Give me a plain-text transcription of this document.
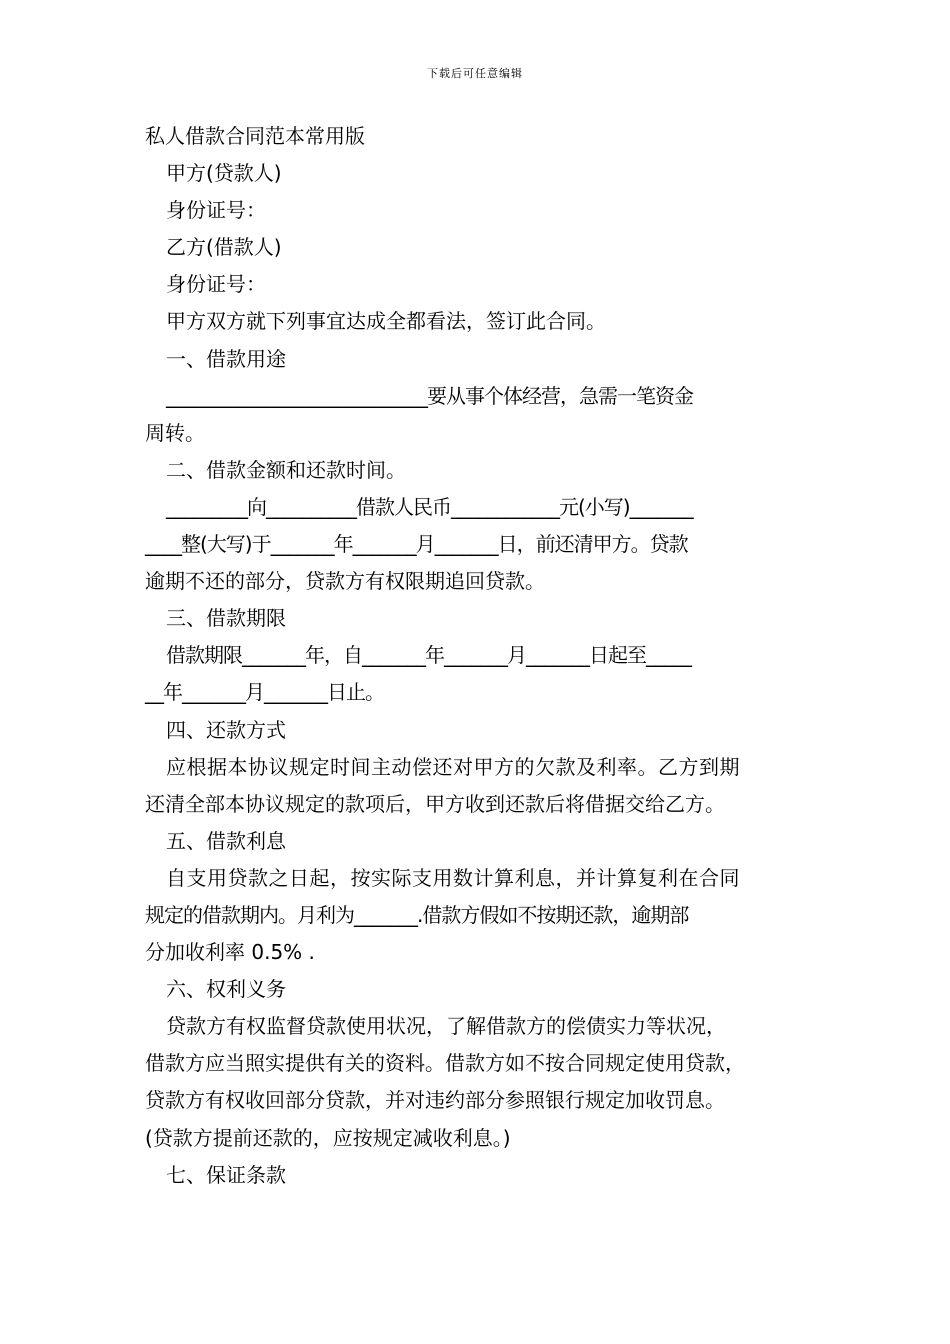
下载后可任意编辑
私人借款合同范本常用版
甲方(贷款人)
身份证号：
乙方(借款人)
身份证号：
甲方双方就下列事宜达成全都看法，签订此合同。
一、借款用途
_____________________________要从事个体经营，急需一笔资金
周转。
二、借款金额和还款时间。
_________向__________借款人民币____________元(小写)_______
____整(大写)于_______年_______月_______日，前还清甲方。贷款
逾期不还的部分，贷款方有权限期追回贷款。
三、借款期限
借款期限_______年，自_______年_______月_______日起至_____
__年_______月_______日止。
四、还款方式
应根据本协议规定时间主动偿还对甲方的欠款及利率。乙方到期
还清全部本协议规定的款项后，甲方收到还款后将借据交给乙方。
五、借款利息
自支用贷款之日起，按实际支用数计算利息，并计算复利在合同
规定的借款期内。月利为_______.借款方假如不按期还款，逾期部
分加收利率 0.5% .
六、权利义务
贷款方有权监督贷款使用状况，了解借款方的偿债实力等状况，
借款方应当照实提供有关的资料。借款方如不按合同规定使用贷款，
贷款方有权收回部分贷款，并对违约部分参照银行规定加收罚息。
(贷款方提前还款的，应按规定减收利息。)
七、保证条款
